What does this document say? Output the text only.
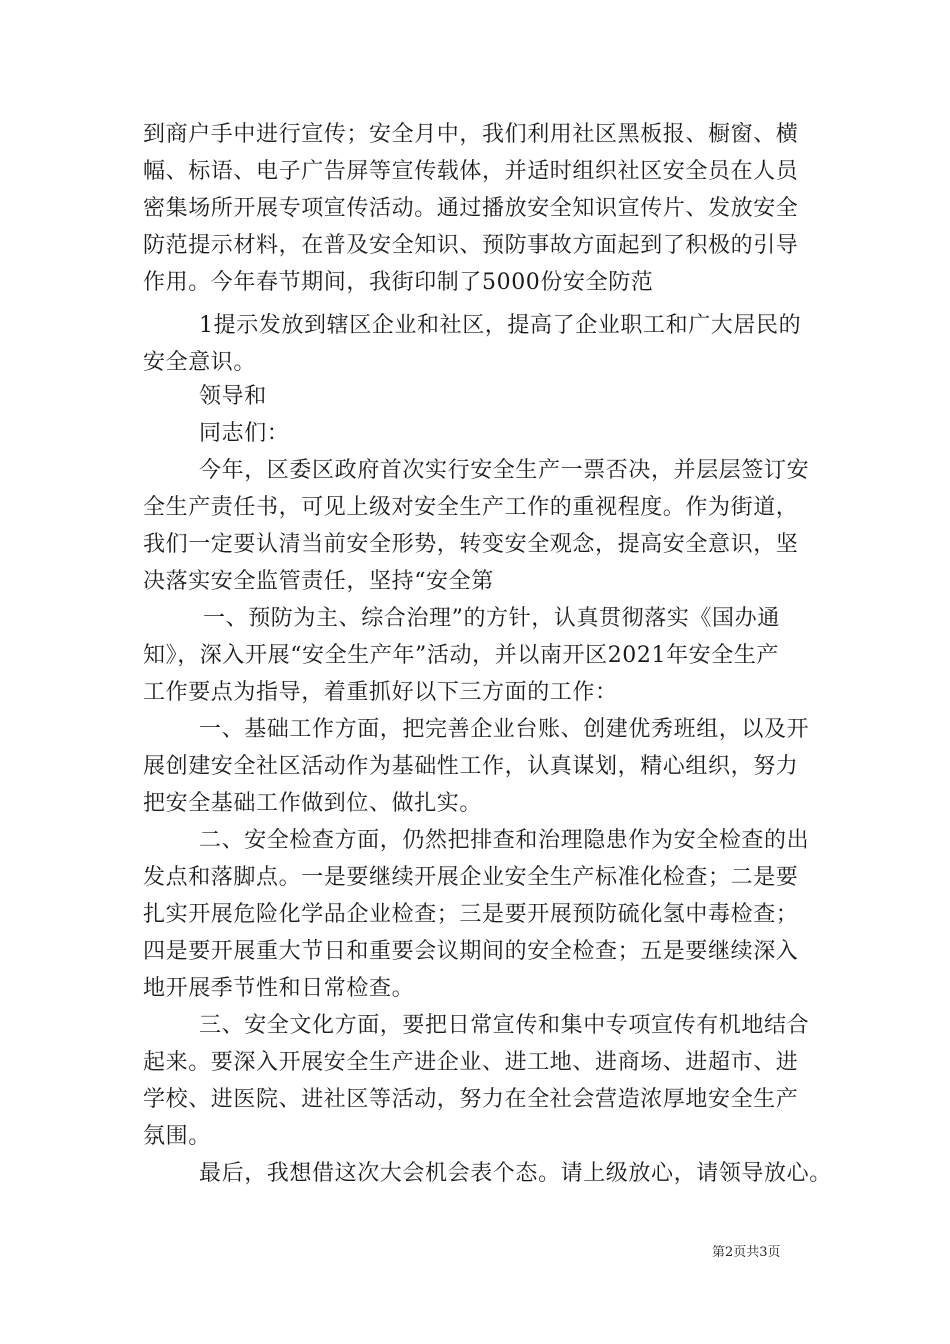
到商户手中进行宣传；安全月中，我们利用社区黑板报、橱窗、横
幅、标语、电子广告屏等宣传载体，并适时组织社区安全员在人员
密集场所开展专项宣传活动。通过播放安全知识宣传片、发放安全
防范提示材料，在普及安全知识、预防事故方面起到了积极的引导
作用。今年春节期间，我街印制了5000份安全防范
1提示发放到辖区企业和社区，提高了企业职工和广大居民的
安全意识。
领导和
同志们：
今年，区委区政府首次实行安全生产一票否决，并层层签订安
全生产责任书，可见上级对安全生产工作的重视程度。作为街道，
我们一定要认清当前安全形势，转变安全观念，提高安全意识，坚
决落实安全监管责任，坚持“安全第
一、预防为主、综合治理”的方针，认真贯彻落实《国办通
知》，深入开展“安全生产年”活动，并以南开区2021年安全生产
工作要点为指导，着重抓好以下三方面的工作：
一、基础工作方面，把完善企业台账、创建优秀班组，以及开
展创建安全社区活动作为基础性工作，认真谋划，精心组织，努力
把安全基础工作做到位、做扎实。
二、安全检查方面，仍然把排查和治理隐患作为安全检查的出
发点和落脚点。一是要继续开展企业安全生产标准化检查；二是要
扎实开展危险化学品企业检查；三是要开展预防硫化氢中毒检查；
四是要开展重大节日和重要会议期间的安全检查；五是要继续深入
地开展季节性和日常检查。
三、安全文化方面，要把日常宣传和集中专项宣传有机地结合
起来。要深入开展安全生产进企业、进工地、进商场、进超市、进
学校、进医院、进社区等活动，努力在全社会营造浓厚地安全生产
氛围。
最后，我想借这次大会机会表个态。请上级放心，请领导放心。
第2页共3页
